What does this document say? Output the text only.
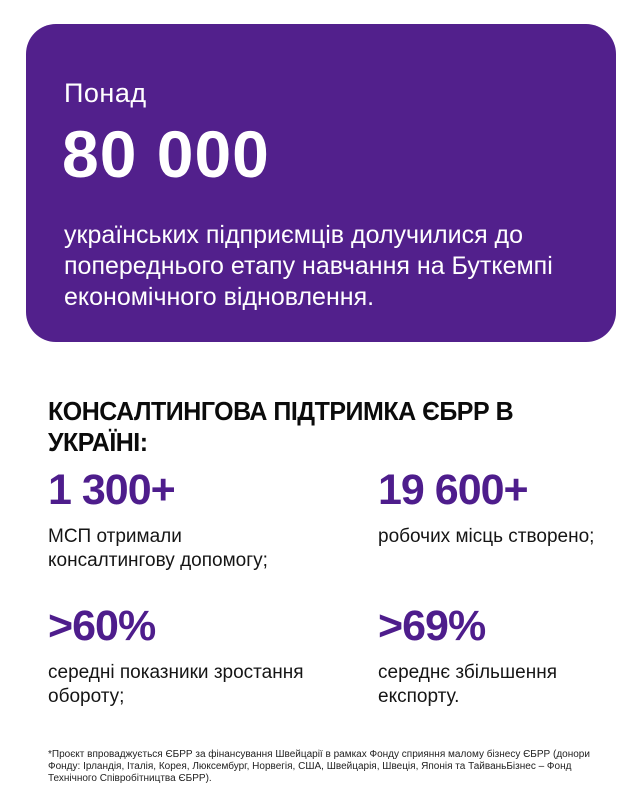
Понад
80 000
українських підприємців долучилися до попереднього етапу навчання на Буткемпі економічного відновлення.
КОНСАЛТИНГОВА ПІДТРИМКА ЄБРР В УКРАЇНІ:
1 300+
МСП отримали консалтингову допомогу;
19 600+
робочих місць створено;
>60%
середні показники зростання обороту;
>69%
середнє збільшення експорту.
*Проєкт впроваджується ЄБРР за фінансування Швейцарії в рамках Фонду сприяння малому бізнесу ЄБРР (донори Фонду: Ірландія, Італія, Корея, Люксембург, Норвегія, США, Швейцарія, Швеція, Японія та ТайваньБізнес – Фонд Технічного Співробітництва ЄБРР).
